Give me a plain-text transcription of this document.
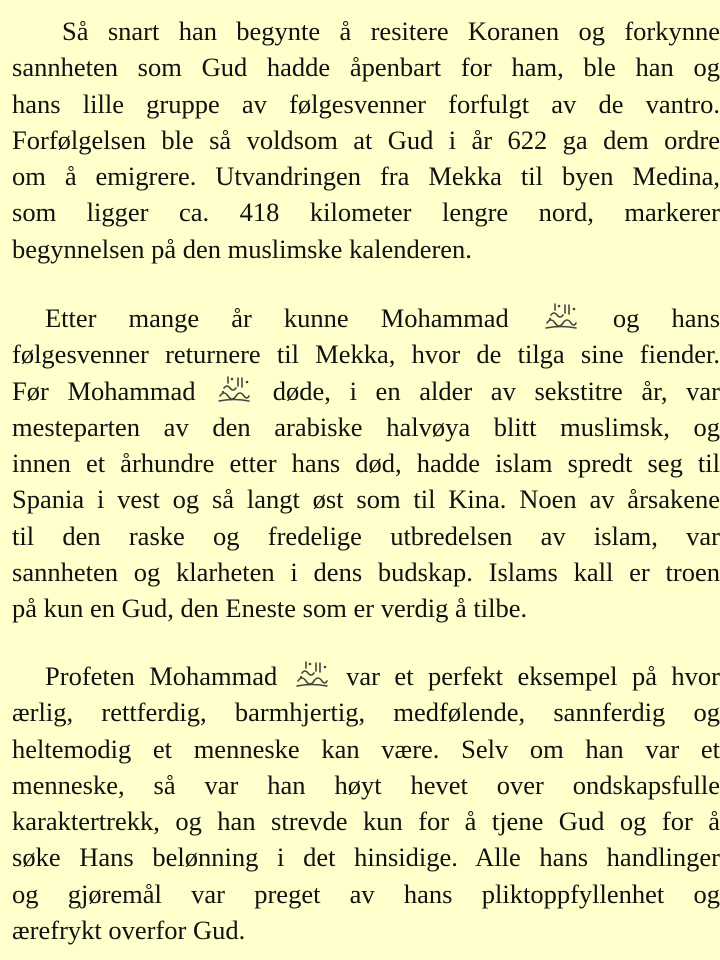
Så snart han begynte å resitere Koranen og forkynne
sannheten som Gud hadde åpenbart for ham, ble han og
hans lille gruppe av følgesvenner forfulgt av de vantro.
Forfølgelsen ble så voldsom at Gud i år 622 ga dem ordre
om å emigrere. Utvandringen fra Mekka til byen Medina,
som ligger ca. 418 kilometer lengre nord, markerer
begynnelsen på den muslimske kalenderen.
Etter mange år kunne Mohammad	og hans
følgesvenner returnere til Mekka, hvor de tilga sine fiender.
Før Mohammad	døde, i en alder av sekstitre år, var
mesteparten av den arabiske halvøya blitt muslimsk, og
innen et århundre etter hans død, hadde islam spredt seg til
Spania i vest og så langt øst som til Kina. Noen av årsakene
til den raske og fredelige utbredelsen av islam, var
sannheten og klarheten i dens budskap. Islams kall er troen
på kun en Gud, den Eneste som er verdig å tilbe.
Profeten Mohammad	var et perfekt eksempel på hvor
ærlig, rettferdig, barmhjertig, medfølende, sannferdig og
heltemodig et menneske kan være. Selv om han var et
menneske, så var han høyt hevet over ondskapsfulle
karaktertrekk, og han strevde kun for å tjene Gud og for å
søke Hans belønning i det hinsidige. Alle hans handlinger
og gjøremål var preget av hans pliktoppfyllenhet og
ærefrykt overfor Gud.
